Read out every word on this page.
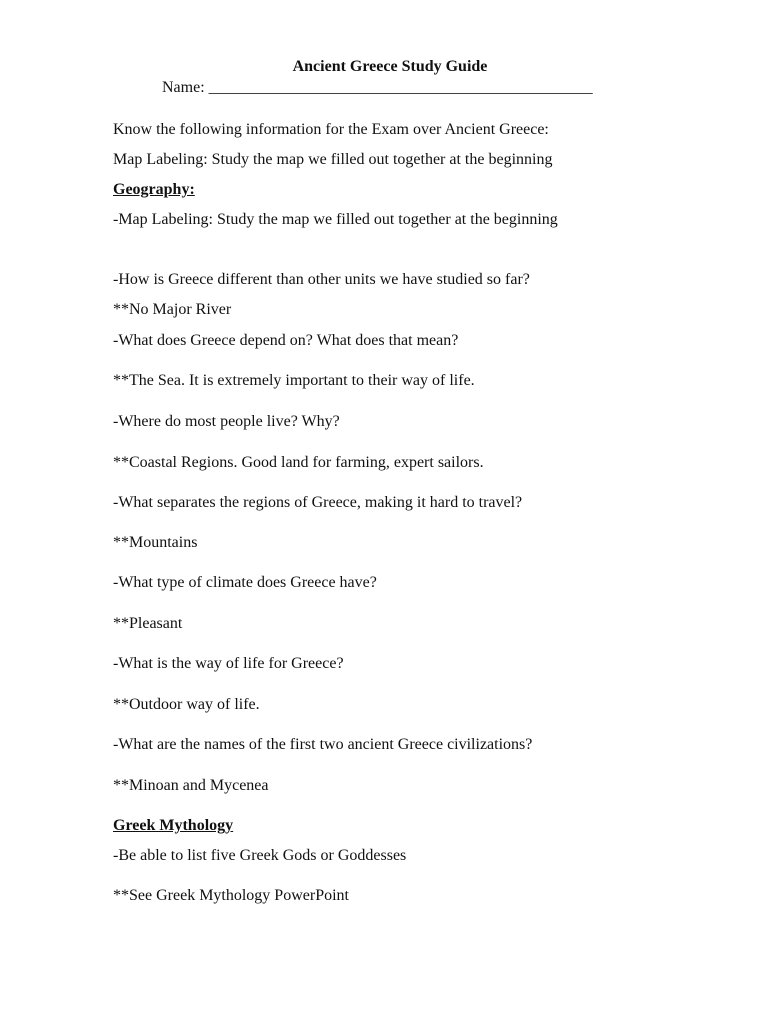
Ancient Greece Study Guide
Name: ________________________________________________
Know the following information for the Exam over Ancient Greece:
Map Labeling: Study the map we filled out together at the beginning
Geography:
-Map Labeling: Study the map we filled out together at the beginning
-How is Greece different than other units we have studied so far?
**No Major River
-What does Greece depend on? What does that mean?
**The Sea. It is extremely important to their way of life.
-Where do most people live? Why?
**Coastal Regions. Good land for farming, expert sailors.
-What separates the regions of Greece, making it hard to travel?
**Mountains
-What type of climate does Greece have?
**Pleasant
-What is the way of life for Greece?
**Outdoor way of life.
-What are the names of the first two ancient Greece civilizations?
**Minoan and Mycenea
Greek Mythology
-Be able to list five Greek Gods or Goddesses
**See Greek Mythology PowerPoint
